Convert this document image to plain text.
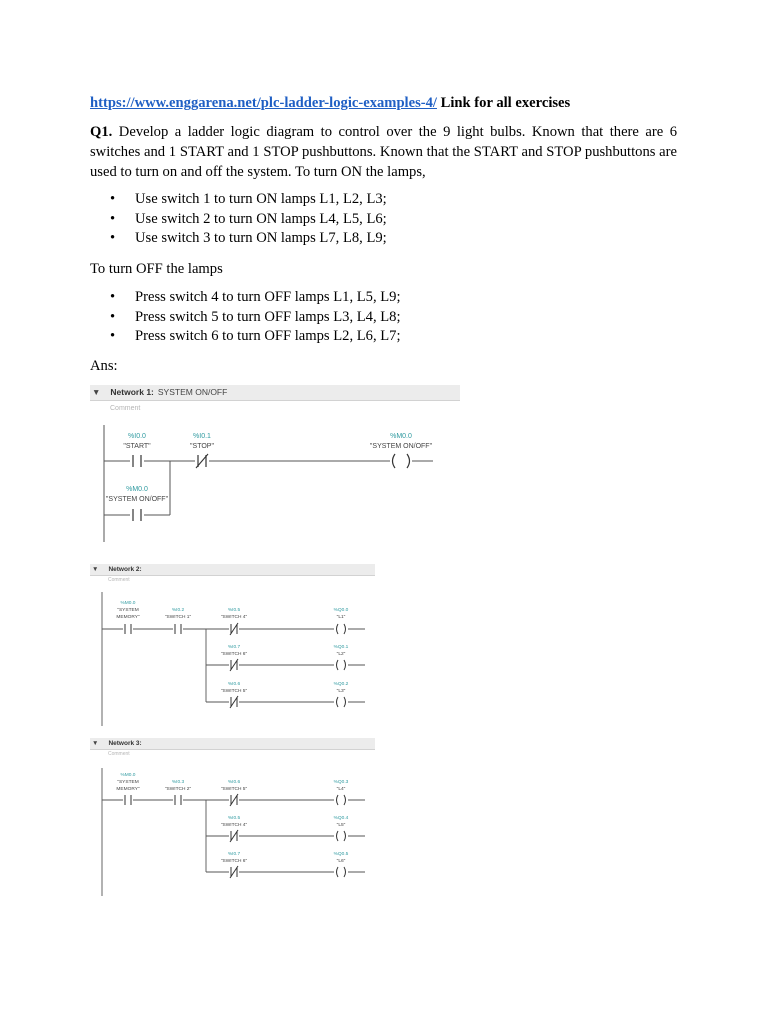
https://www.enggarena.net/plc-ladder-logic-examples-4/ Link for all exercises
Q1. Develop a ladder logic diagram to control over the 9 light bulbs. Known that there are 6 switches and 1 START and 1 STOP pushbuttons. Known that the START and STOP pushbuttons are used to turn on and off the system. To turn ON the lamps,
• Use switch 1 to turn ON lamps L1, L2, L3;
• Use switch 2 to turn ON lamps L4, L5, L6;
• Use switch 3 to turn ON lamps L7, L8, L9;
To turn OFF the lamps
• Press switch 4 to turn OFF lamps L1, L5, L9;
• Press switch 5 to turn OFF lamps L3, L4, L8;
• Press switch 6 to turn OFF lamps L2, L6, L7;
Ans:
▼ Network 1: SYSTEM ON/OFF
Comment
%I0.0
"START"
%I0.1
"STOP"
%M0.0
"SYSTEM ON/OFF"
%M0.0
"SYSTEM ON/OFF"
▼ Network 2:
Comment
%M0.0
"SYSTEM
MEMORY"
%I0.2
"SWITCH 1"
%I0.5
"SWITCH 4"
%Q0.0
"L1"
%I0.7
"SWITCH 6"
%Q0.1
"L2"
%I0.6
"SWITCH 5"
%Q0.2
"L3"
▼ Network 3:
Comment
%M0.0
"SYSTEM
MEMORY"
%I0.3
"SWITCH 2"
%I0.6
"SWITCH 5"
%Q0.3
"L4"
%I0.5
"SWITCH 4"
%Q0.4
"L5"
%I0.7
"SWITCH 6"
%Q0.5
"L6"
